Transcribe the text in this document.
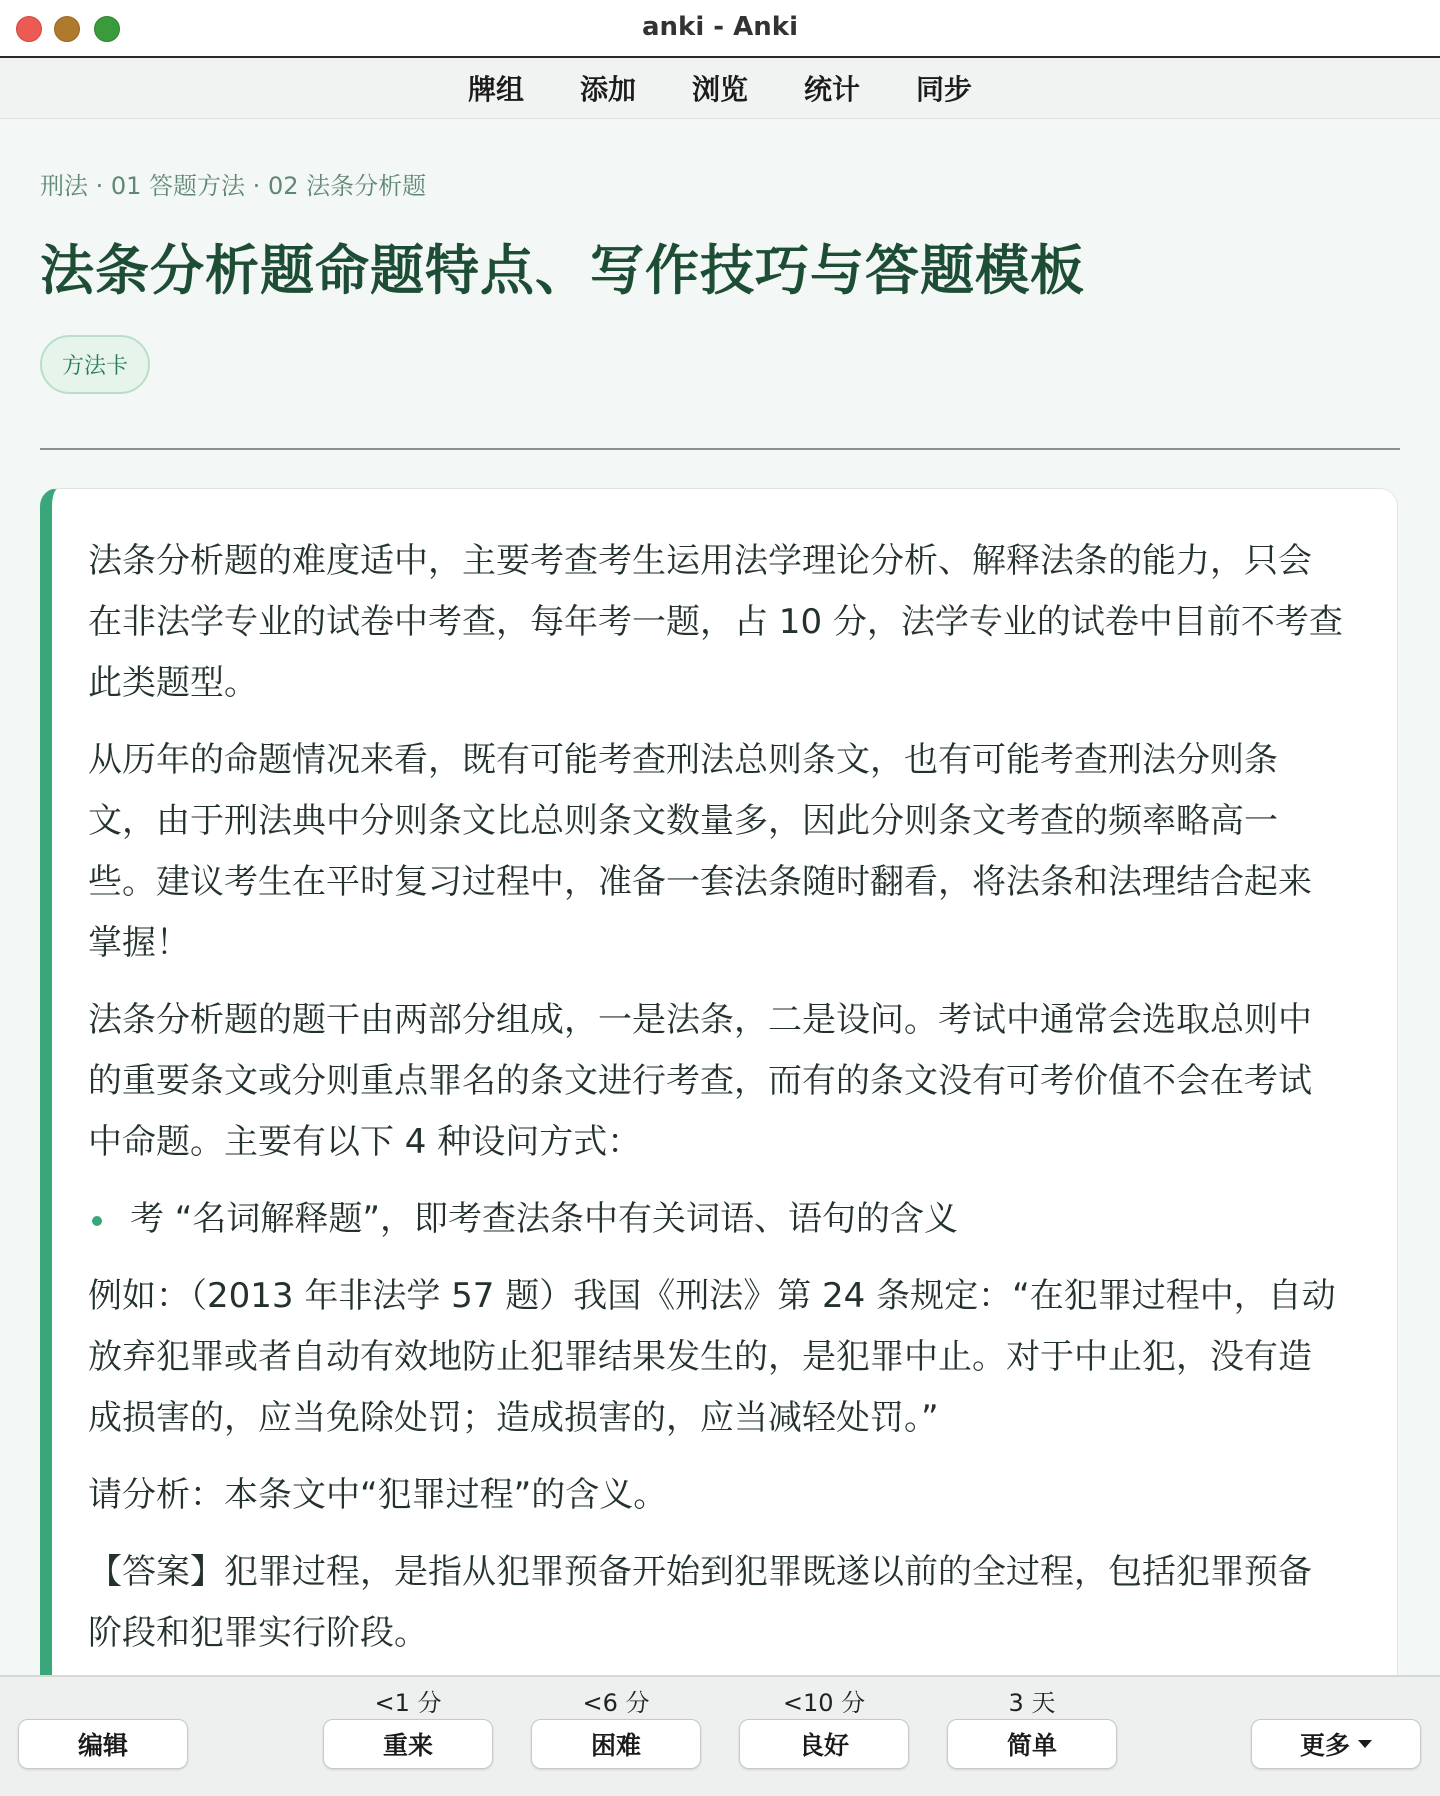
anki - Anki
牌组 添加 浏览 统计 同步
刑法 · 01 答题方法 · 02 法条分析题
法条分析题命题特点、写作技巧与答题模板
方法卡

法条分析题的难度适中，主要考查考生运用法学理论分析、解释法条的能力，只会在非法学专业的试卷中考查，每年考一题，占 10 分，法学专业的试卷中目前不考查此类题型。

从历年的命题情况来看，既有可能考查刑法总则条文，也有可能考查刑法分则条文，由于刑法典中分则条文比总则条文数量多，因此分则条文考查的频率略高一些。建议考生在平时复习过程中，准备一套法条随时翻看，将法条和法理结合起来掌握！

法条分析题的题干由两部分组成，一是法条，二是设问。考试中通常会选取总则中的重要条文或分则重点罪名的条文进行考查，而有的条文没有可考价值不会在考试中命题。主要有以下 4 种设问方式：

考 “名词解释题”，即考查法条中有关词语、语句的含义

例如：（2013 年非法学 57 题）我国《刑法》第 24 条规定：“在犯罪过程中，自动放弃犯罪或者自动有效地防止犯罪结果发生的，是犯罪中止。对于中止犯，没有造成损害的，应当免除处罚；造成损害的，应当减轻处罚。”

请分析：本条文中“犯罪过程”的含义。

【答案】犯罪过程，是指从犯罪预备开始到犯罪既遂以前的全过程，包括犯罪预备阶段和犯罪实行阶段。

编辑
<1 分
重来
<6 分
困难
<10 分
良好
3 天
简单	更多
